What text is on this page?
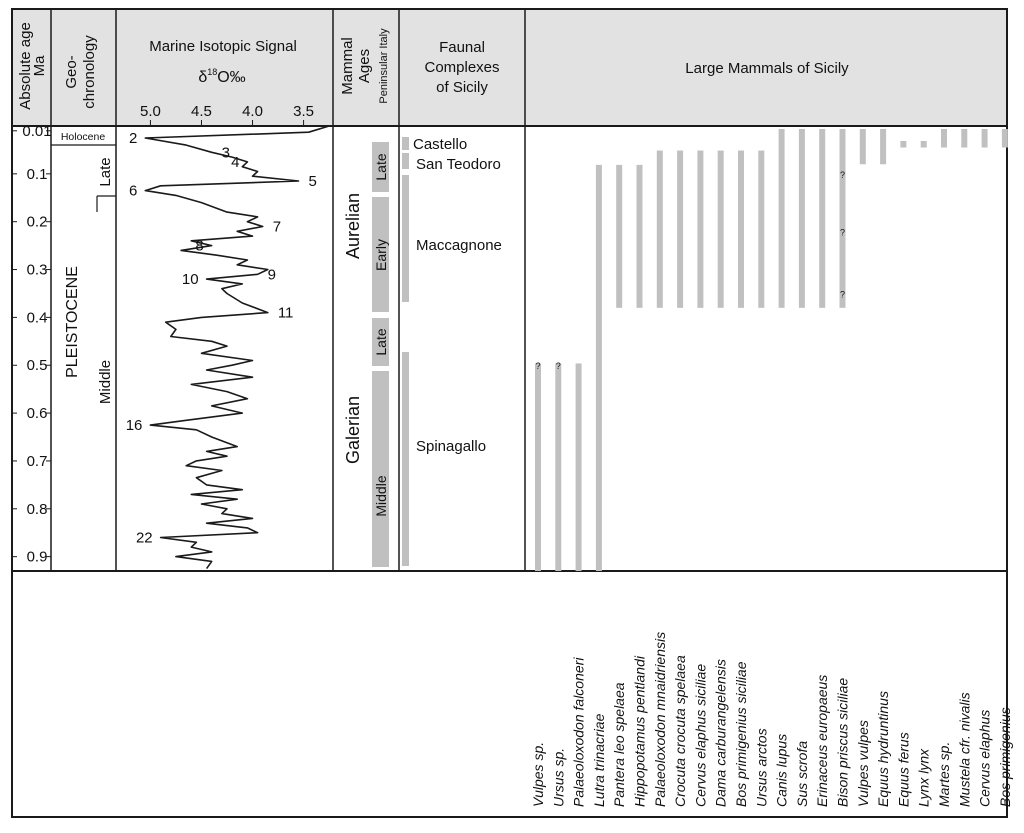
Absolute age
Ma Geo- chronology	Marine Isotopic Signal
$\delta^{18}O‰$	Mammal Ages Peninsular Italy	Faunal
Complexes
of Sicily
Large Mammals of Sicily
5.0 4.5 4.0 3.5
0.01
0.1
0.2
0.3
0.4
0.5
0.6
0.7
0.8
0.9
Holocene
PLEISTOCENE
Late
Middle
2
3
4
5
6
7
8
9
10
11
16
22
Aurelian
Galerian
Late
Early
Late
Middle
Castello
San Teodoro
Maccagnone
Spinagallo
? ?
?
?
?
Vulpes sp. Ursus sp. Palaeoloxodon falconeri Lutra trinacriae Pantera leo spelaea Hippopotamus pentlandi Palaeoloxodon mnaidriensis Crocuta crocuta spelaea Cervus elaphus siciliae Dama carburangelensis Bos primigenius siciliae Ursus arctos Canis lupus Sus scrofa Erinaceus europaeus Bison priscus siciliae Vulpes vulpes Equus hydruntinus Equus ferus Lynx lynx Martes sp. Mustela cfr. nivalis Cervus elaphus Bos primigenius
